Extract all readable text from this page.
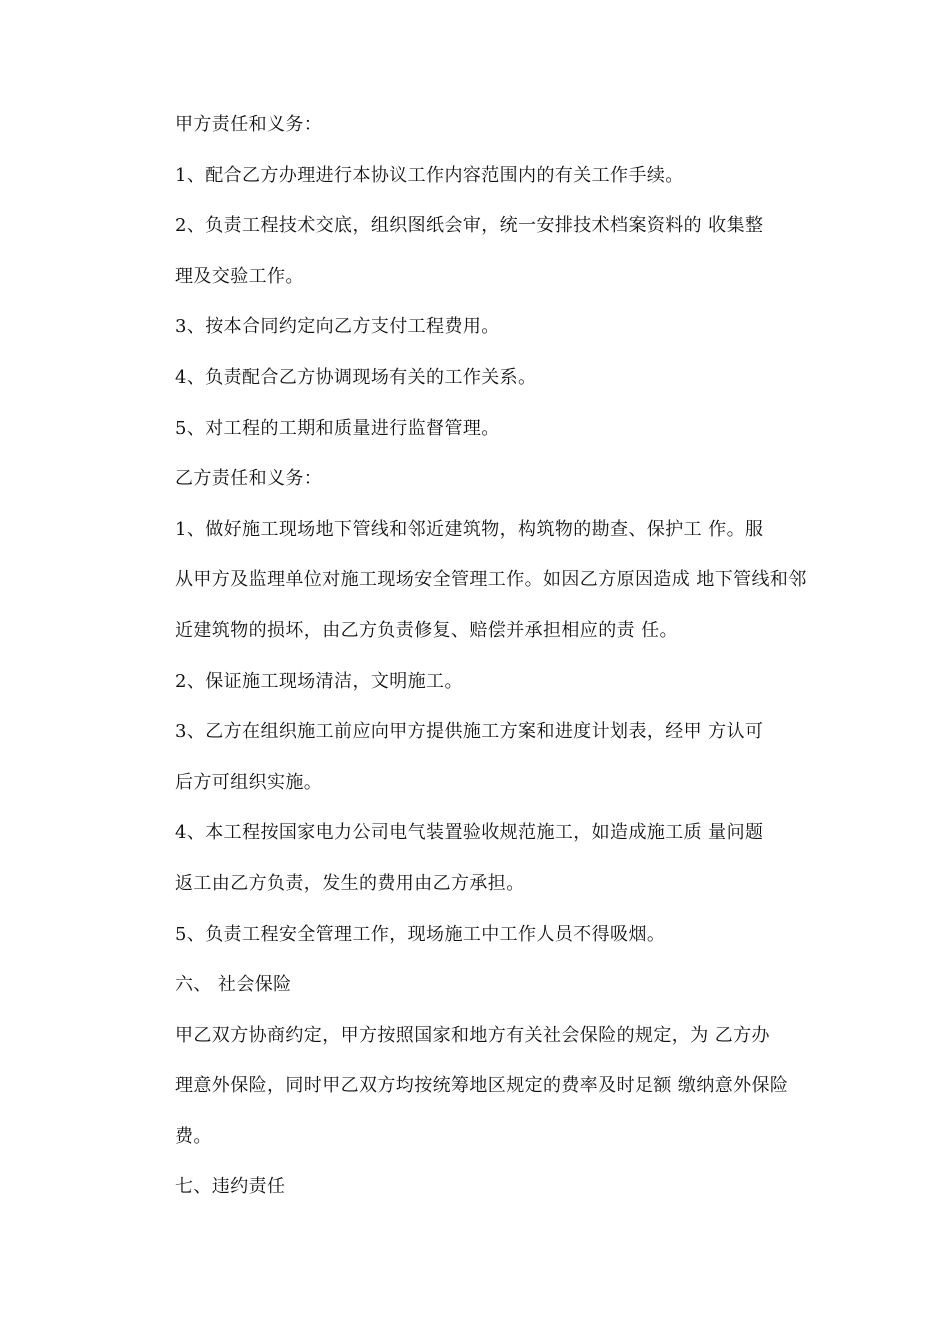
甲方责任和义务：

1、配合乙方办理进行本协议工作内容范围内的有关工作手续。

2、负责工程技术交底，组织图纸会审，统一安排技术档案资料的 收集整
理及交验工作。

3、按本合同约定向乙方支付工程费用。

4、负责配合乙方协调现场有关的工作关系。

5、对工程的工期和质量进行监督管理。

乙方责任和义务：

1、做好施工现场地下管线和邻近建筑物，构筑物的勘查、保护工 作。服
从甲方及监理单位对施工现场安全管理工作。如因乙方原因造成 地下管线和邻
近建筑物的损坏，由乙方负责修复、赔偿并承担相应的责 任。

2、保证施工现场清洁，文明施工。

3、乙方在组织施工前应向甲方提供施工方案和进度计划表，经甲 方认可
后方可组织实施。

4、本工程按国家电力公司电气装置验收规范施工，如造成施工质 量问题
返工由乙方负责，发生的费用由乙方承担。

5、负责工程安全管理工作，现场施工中工作人员不得吸烟。

六、 社会保险

甲乙双方协商约定，甲方按照国家和地方有关社会保险的规定，为 乙方办
理意外保险，同时甲乙双方均按统筹地区规定的费率及时足额 缴纳意外保险
费。

七、违约责任
